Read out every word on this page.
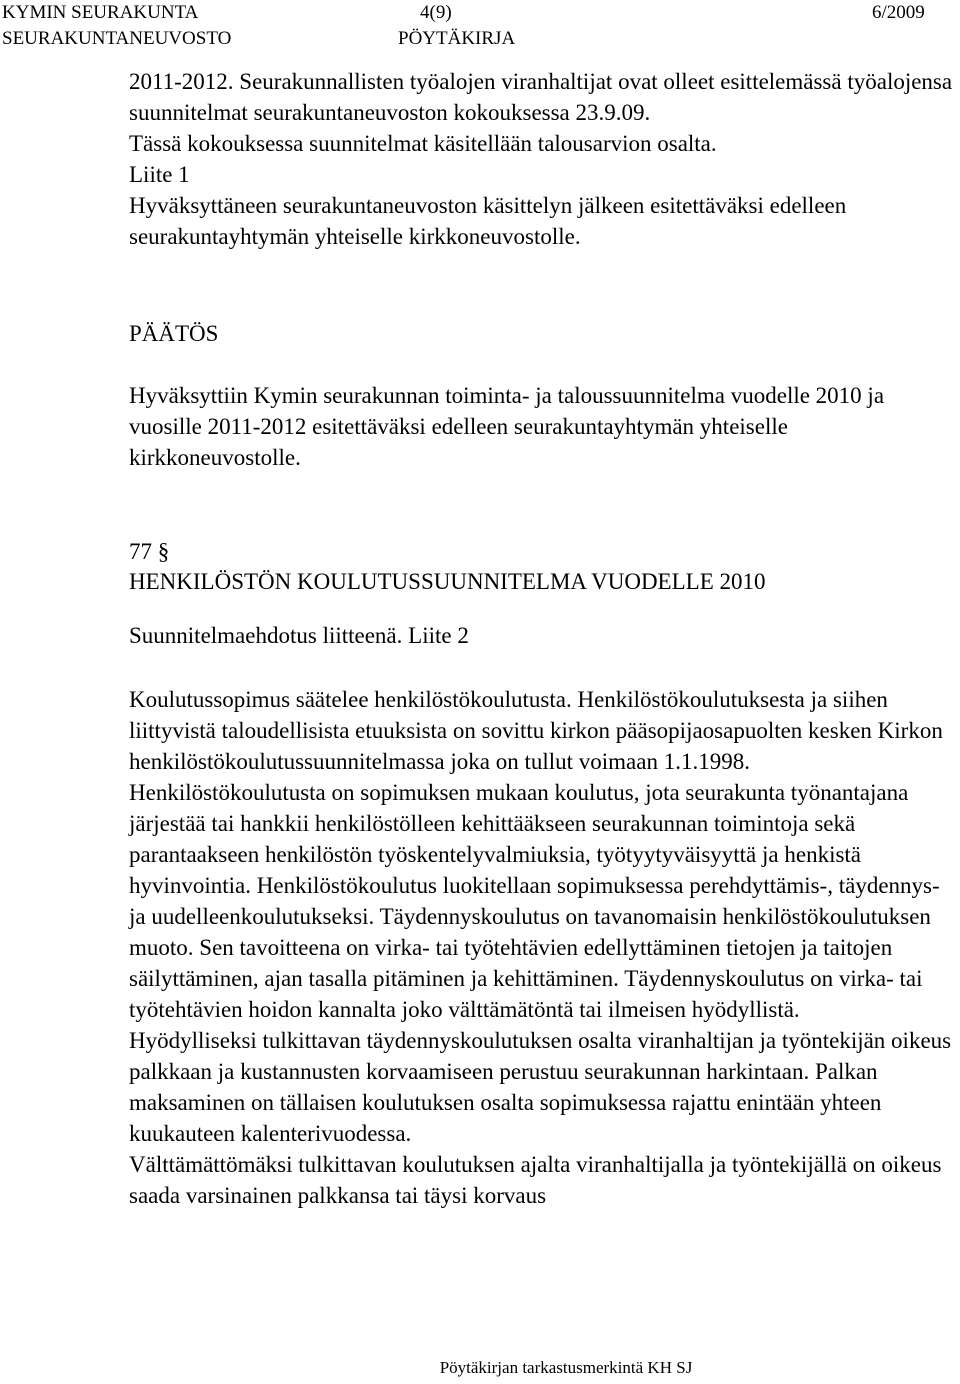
KYMIN SEURAKUNTA
SEURAKUNTANEUVOSTO
4(9)
PÖYTÄKIRJA
6/2009

2011-2012. Seurakunnallisten työalojen viranhaltijat ovat olleet esittelemässä työalojensa suunnitelmat seurakuntaneuvoston kokouksessa 23.9.09.

Tässä kokouksessa suunnitelmat käsitellään talousarvion osalta.

Liite 1

Hyväksyttäneen seurakuntaneuvoston käsittelyn jälkeen esitettäväksi edelleen seurakuntayhtymän yhteiselle kirkkoneuvostolle.

PÄÄTÖS
Hyväksyttiin Kymin seurakunnan toiminta- ja taloussuunnitelma vuodelle 2010 ja vuosille 2011-2012 esitettäväksi edelleen seurakuntayhtymän yhteiselle kirkkoneuvostolle.
77 §
HENKILÖSTÖN KOULUTUSSUUNNITELMA VUODELLE 2010
Suunnitelmaehdotus liitteenä. Liite 2

Koulutussopimus säätelee henkilöstökoulutusta. Henkilöstökoulutuksesta ja siihen liittyvistä taloudellisista etuuksista on sovittu kirkon pääsopijaosapuolten kesken Kirkon henkilöstökoulutussuunnitelmassa joka on tullut voimaan 1.1.1998.

Henkilöstökoulutusta on sopimuksen mukaan koulutus, jota seurakunta työnantajana järjestää tai hankkii henkilöstölleen kehittääkseen seurakunnan toimintoja sekä parantaakseen henkilöstön työskentelyvalmiuksia, työtyytyväisyyttä ja henkistä hyvinvointia. Henkilöstökoulutus luokitellaan sopimuksessa perehdyttämis-, täydennys- ja uudelleenkoulutukseksi. Täydennyskoulutus on tavanomaisin henkilöstökoulutuksen muoto. Sen tavoitteena on virka- tai työtehtävien edellyttäminen tietojen ja taitojen säilyttäminen, ajan tasalla pitäminen ja kehittäminen. Täydennyskoulutus on virka- tai työtehtävien hoidon kannalta joko välttämätöntä tai ilmeisen hyödyllistä.

Hyödylliseksi tulkittavan täydennyskoulutuksen osalta viranhaltijan ja työntekijän oikeus palkkaan ja kustannusten korvaamiseen perustuu seurakunnan harkintaan. Palkan maksaminen on tällaisen koulutuksen osalta sopimuksessa rajattu enintään yhteen kuukauteen kalenterivuodessa.

Välttämättömäksi tulkittavan koulutuksen ajalta viranhaltijalla ja työntekijällä on oikeus saada varsinainen palkkansa tai täysi korvaus

Pöytäkirjan tarkastusmerkintä KH SJ
